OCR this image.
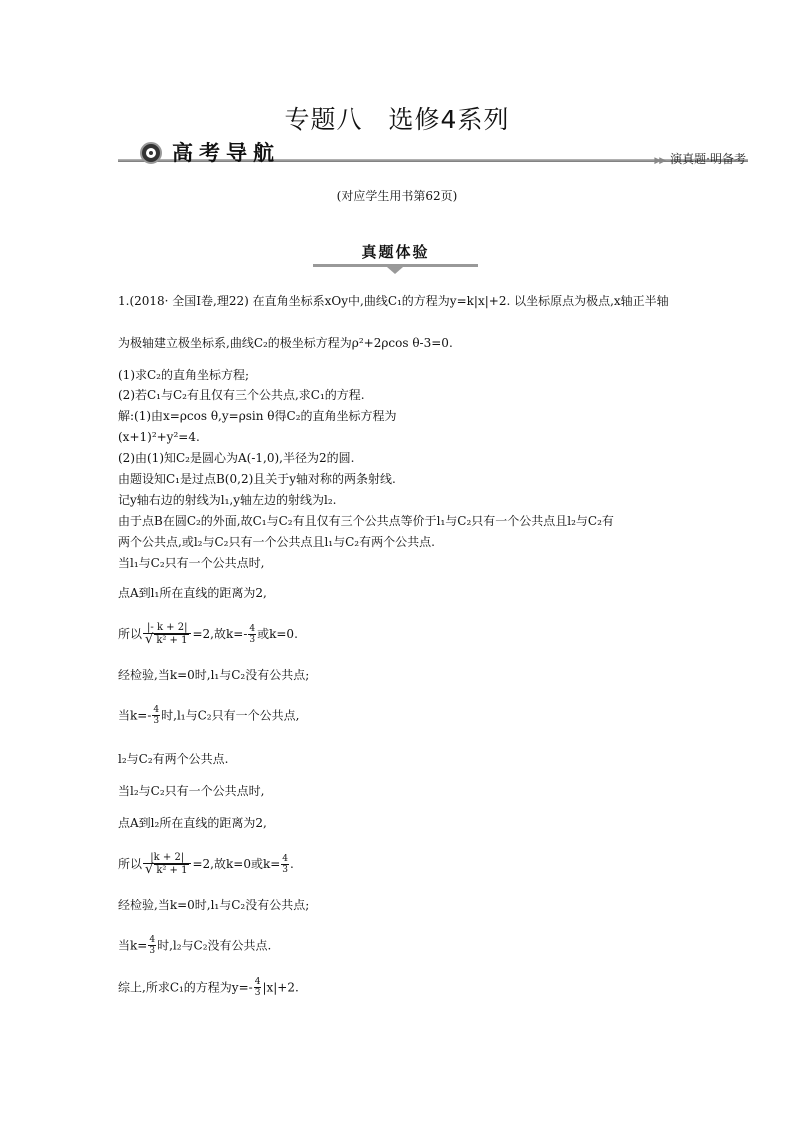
专题八　选修4系列
高考导航	▶▶ 演真题·明备考
(对应学生用书第62页)
真题体验
1.(2018· 全国Ⅰ卷,理22) 在直角坐标系xOy中,曲线C₁的方程为y=k|x|+2. 以坐标原点为极点,x轴正半轴
为极轴建立极坐标系,曲线C₂的极坐标方程为ρ²+2ρcos θ-3=0.
(1)求C₂的直角坐标方程;
(2)若C₁与C₂有且仅有三个公共点,求C₁的方程.
解:(1)由x=ρcos θ,y=ρsin θ得C₂的直角坐标方程为
(x+1)²+y²=4.
(2)由(1)知C₂是圆心为A(-1,0),半径为2的圆.
由题设知C₁是过点B(0,2)且关于y轴对称的两条射线.
记y轴右边的射线为l₁,y轴左边的射线为l₂.
由于点B在圆C₂的外面,故C₁与C₂有且仅有三个公共点等价于l₁与C₂只有一个公共点且l₂与C₂有
两个公共点,或l₂与C₂只有一个公共点且l₁与C₂有两个公共点.
当l₁与C₂只有一个公共点时,
点A到l₁所在直线的距离为2,
所以 $\frac{|- k + 2|}{\text{√ k² + 1}} =2$,故$k=- \frac{4}{3}$ 或k=0.
经检验,当k=0时,l₁与C₂没有公共点;
当$k=- \frac{4}{3}$ 时,l₁与C₂只有一个公共点,
l₂与C₂有两个公共点.
当l₂与C₂只有一个公共点时,
点A到l₂所在直线的距离为2,
所以 $\frac{|k + 2|}{\text{√ k² + 1}} =2$,故k=0或$k= \frac{4}{3}$ .
经检验,当k=0时,l₁与C₂没有公共点;
当$k= \frac{4}{3}$ 时,l₂与C₂没有公共点.
综上,所求C₁的方程为$y=- \frac{4}{3} |x|+2$.
